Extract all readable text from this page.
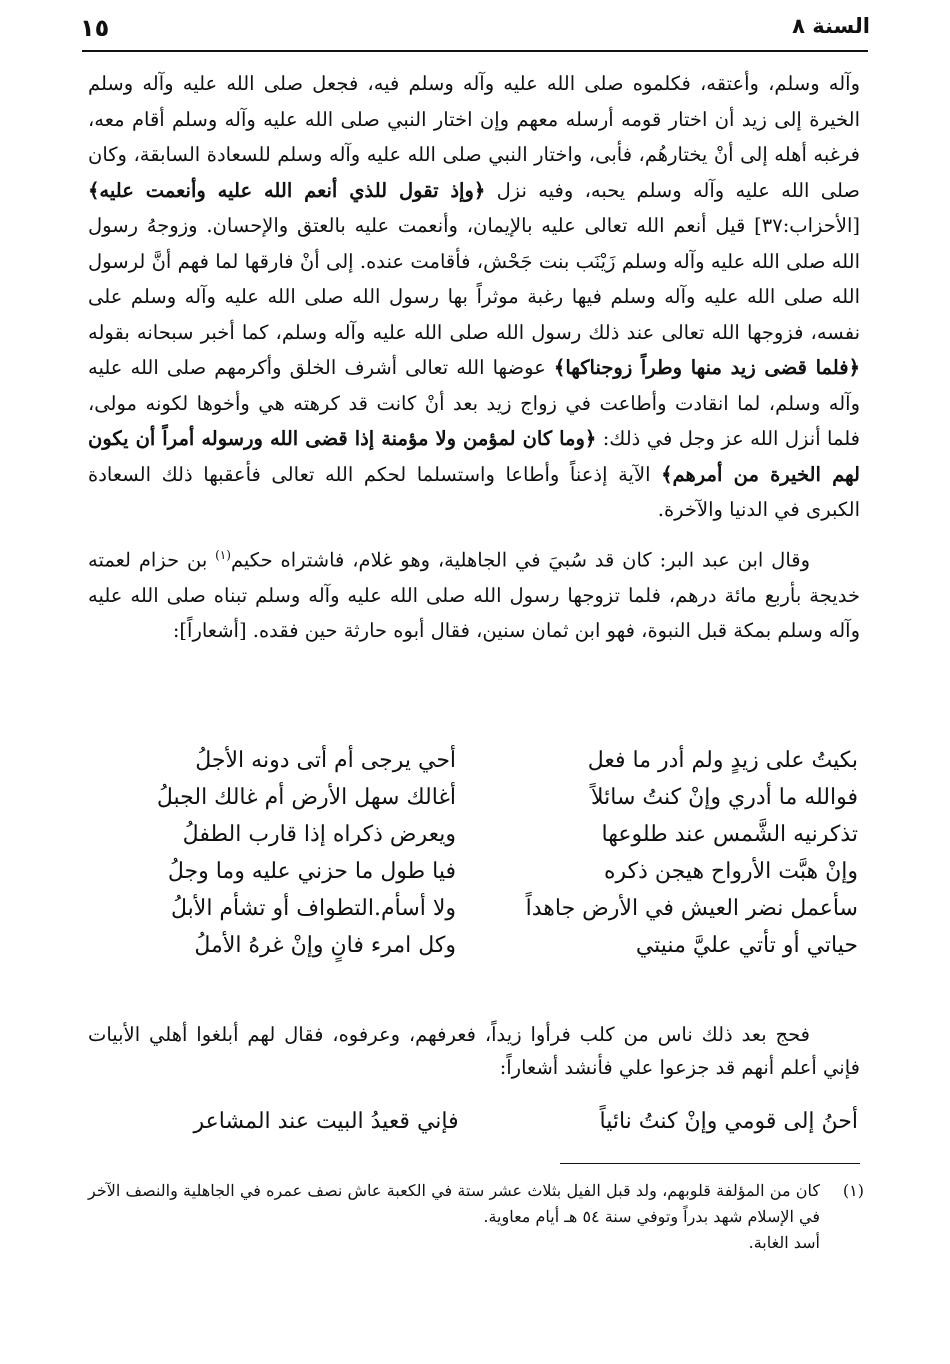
السنة ٨
١٥

وآله وسلم، وأعتقه، فكلموه صلى الله عليه وآله وسلم فيه، فجعل صلى الله عليه وآله وسلم الخيرة إلى زيد أن اختار قومه أرسله معهم وإن اختار النبي صلى الله عليه وآله وسلم أقام معه، فرغبه أهله إلى أنْ يختارهُم، فأبى، واختار النبي صلى الله عليه وآله وسلم للسعادة السابقة، وكان صلى الله عليه وآله وسلم يحبه، وفيه نزل ﴿وإذ تقول للذي أنعم الله عليه وأنعمت عليه﴾ [الأحزاب:٣٧] قيل أنعم الله تعالى عليه بالإيمان، وأنعمت عليه بالعتق والإحسان. وزوجهُ رسول الله صلى الله عليه وآله وسلم زَيْنَب بنت جَحْش، فأقامت عنده. إلى أنْ فارقها لما فهم أنَّ لرسول الله صلى الله عليه وآله وسلم فيها رغبة موثراً بها رسول الله صلى الله عليه وآله وسلم على نفسه، فزوجها الله تعالى عند ذلك رسول الله صلى الله عليه وآله وسلم، كما أخبر سبحانه بقوله ﴿فلما قضى زيد منها وطراً زوجناكها﴾ عوضها الله تعالى أشرف الخلق وأكرمهم صلى الله عليه وآله وسلم، لما انقادت وأطاعت في زواج زيد بعد أنْ كانت قد كرهته هي وأخوها لكونه مولى، فلما أنزل الله عز وجل في ذلك: ﴿وما كان لمؤمن ولا مؤمنة إذا قضى الله ورسوله أمراً أن يكون لهم الخيرة من أمرهم﴾ الآية إذعناً وأطاعا واستسلما لحكم الله تعالى فأعقبها ذلك السعادة الكبرى في الدنيا والآخرة.

وقال ابن عبد البر: كان قد سُبيَ في الجاهلية، وهو غلام، فاشتراه حكيم$^{(١)}$ بن حزام لعمته خديجة بأربع مائة درهم، فلما تزوجها رسول الله صلى الله عليه وآله وسلم تبناه صلى الله عليه وآله وسلم بمكة قبل النبوة، فهو ابن ثمان سنين، فقال أبوه حارثة حين فقده. [أشعاراً]:

بكيتُ على زيدٍ ولم أدر ما فعل
أحي يرجى أم أتى دونه الأجلُ
فوالله ما أدري وإنْ كنتُ سائلاً
أغالك سهل الأرض أم غالك الجبلُ
تذكرنيه الشَّمس عند طلوعها
ويعرض ذكراه إذا قارب الطفلُ
وإنْ هبَّت الأرواح هيجن ذكره
فيا طول ما حزني عليه وما وجلُ
سأعمل نضر العيش في الأرض جاهداً
ولا أسأم.التطواف أو تشأم الأبلُ
حياتي أو تأتي عليَّ منيتي
وكل امرء فانٍ وإنْ غرهُ الأملُ

فحج بعد ذلك ناس من كلب فرأوا زيداً، فعرفهم، وعرفوه، فقال لهم أبلغوا أهلي الأبيات فإني أعلم أنهم قد جزعوا علي فأنشد أشعاراً:

أحنُ إلى قومي وإنْ كنتُ نائياً
فإني قعيدُ البيت عند المشاعر
(١)
كان من المؤلفة قلوبهم، ولد قبل الفيل بثلاث عشر ستة في الكعبة عاش نصف عمره في الجاهلية والنصف الآخر في الإسلام شهد بدراً وتوفي سنة ٥٤ هـ أيام معاوية.
أسد الغابة.
